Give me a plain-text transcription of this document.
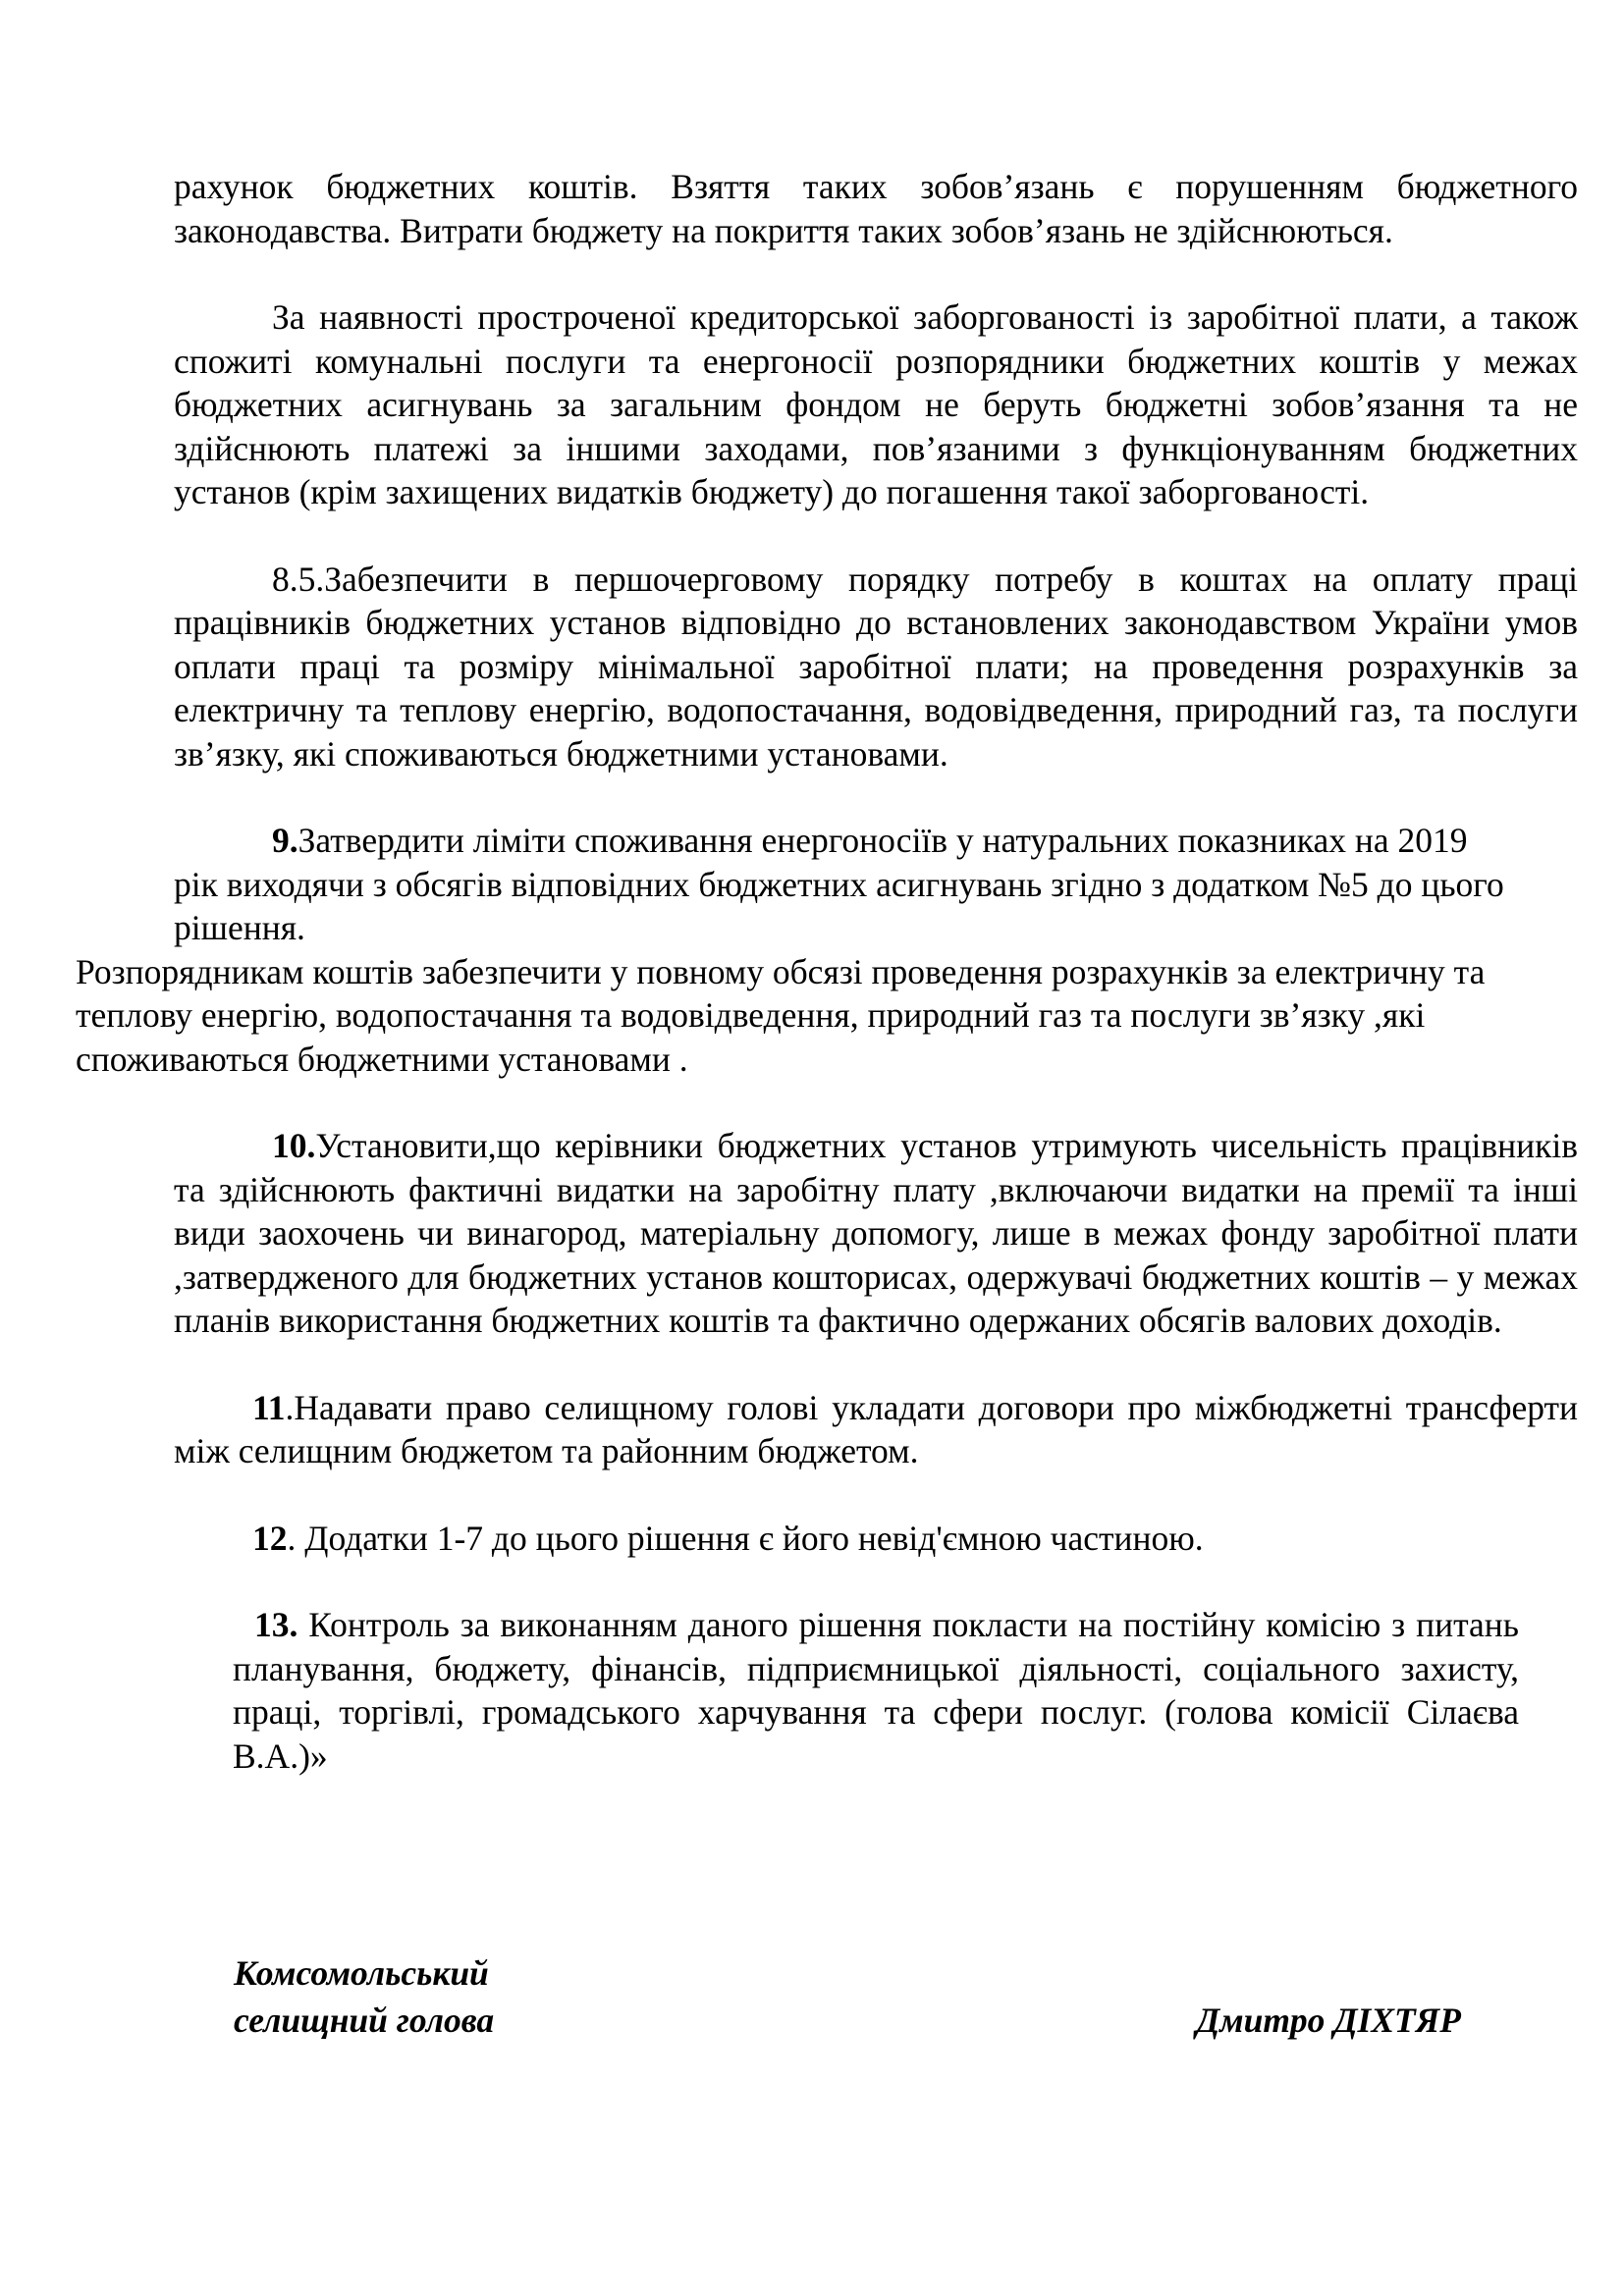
рахунок бюджетних коштів. Взяття таких зобов’язань є порушенням бюджетного законодавства. Витрати бюджету на покриття таких зобов’язань не здійснюються.

За наявності простроченої кредиторської заборгованості із заробітної плати, а також спожиті комунальні послуги та енергоносії розпорядники бюджетних коштів у межах бюджетних асигнувань за загальним фондом не беруть бюджетні зобов’язання та не здійснюють платежі за іншими заходами, пов’язаними з функціонуванням бюджетних установ (крім захищених видатків бюджету) до погашення такої заборгованості.

8.5.Забезпечити в першочерговому порядку потребу в коштах на оплату праці працівників бюджетних установ відповідно до встановлених законодавством України умов оплати праці та розміру мінімальної заробітної плати; на проведення розрахунків за електричну та теплову енергію, водопостачання, водовідведення, природний газ, та послуги зв’язку, які споживаються бюджетними установами.

9.Затвердити ліміти споживання енергоносіїв у натуральних показниках на 2019 рік виходячи з обсягів відповідних бюджетних асигнувань згідно з додатком №5 до цього рішення.
Розпорядникам коштів забезпечити у повному обсязі проведення розрахунків за електричну та теплову енергію, водопостачання та водовідведення, природний газ та послуги зв’язку ,які споживаються бюджетними установами .

10.Установити,що керівники бюджетних установ утримують чисельність працівників та здійснюють фактичні видатки на заробітну плату ,включаючи видатки на премії та інші види заохочень чи винагород, матеріальну допомогу, лише в межах фонду заробітної плати ,затвердженого для бюджетних установ кошторисах, одержувачі бюджетних коштів – у межах планів використання бюджетних коштів та фактично одержаних обсягів валових доходів.

11.Надавати право селищному голові укладати договори про міжбюджетні трансферти між селищним бюджетом та районним бюджетом.

12. Додатки 1-7 до цього рішення є його невід'ємною частиною.

13. Контроль за виконанням даного рішення покласти на постійну комісію з питань планування, бюджету, фінансів, підприємницької діяльності, соціального захисту, праці, торгівлі, громадського харчування та сфери послуг. (голова комісії Сілаєва В.А.)»

Комсомольський
селищний голова	Дмитро ДІХТЯР
